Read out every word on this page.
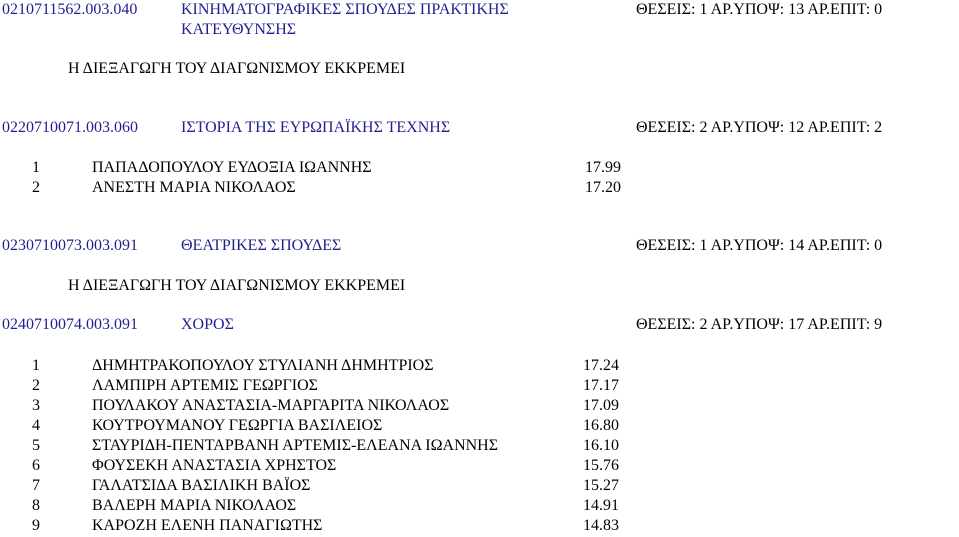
0210711562.003.040	ΚΙΝΗΜΑΤΟΓΡΑΦΙΚΕΣ ΣΠΟΥΔΕΣ ΠΡΑΚΤΙΚΗΣ
ΚΑΤΕΥΘΥΝΣΗΣ
ΘΕΣΕΙΣ: 1 ΑΡ.ΥΠΟΨ: 13 ΑΡ.ΕΠΙΤ: 0
Η ΔΙΕΞΑΓΩΓΗ ΤΟΥ ΔΙΑΓΩΝΙΣΜΟΥ ΕΚΚΡΕΜΕΙ
0220710071.003.060	ΙΣΤΟΡΙΑ ΤΗΣ ΕΥΡΩΠΑΪΚΗΣ ΤΕΧΝΗΣ	ΘΕΣΕΙΣ: 2 ΑΡ.ΥΠΟΨ: 12 ΑΡ.ΕΠΙΤ: 2
1	ΠΑΠΑΔΟΠΟΥΛΟΥ ΕΥΔΟΞΙΑ ΙΩΑΝΝΗΣ	17.99
2	ΑΝΕΣΤΗ ΜΑΡΙΑ ΝΙΚΟΛΑΟΣ	17.20
0230710073.003.091	ΘΕΑΤΡΙΚΕΣ ΣΠΟΥΔΕΣ	ΘΕΣΕΙΣ: 1 ΑΡ.ΥΠΟΨ: 14 ΑΡ.ΕΠΙΤ: 0
Η ΔΙΕΞΑΓΩΓΗ ΤΟΥ ΔΙΑΓΩΝΙΣΜΟΥ ΕΚΚΡΕΜΕΙ
0240710074.003.091	ΧΟΡΟΣ	ΘΕΣΕΙΣ: 2 ΑΡ.ΥΠΟΨ: 17 ΑΡ.ΕΠΙΤ: 9
1	ΔΗΜΗΤΡΑΚΟΠΟΥΛΟΥ ΣΤΥΛΙΑΝΗ ΔΗΜΗΤΡΙΟΣ	17.24
2	ΛΑΜΠΙΡΗ ΑΡΤΕΜΙΣ ΓΕΩΡΓΙΟΣ	17.17
3	ΠΟΥΛΑΚΟΥ ΑΝΑΣΤΑΣΙΑ-ΜΑΡΓΑΡΙΤΑ ΝΙΚΟΛΑΟΣ	17.09
4	ΚΟΥΤΡΟΥΜΑΝΟΥ ΓΕΩΡΓΙΑ ΒΑΣΙΛΕΙΟΣ	16.80
5	ΣΤΑΥΡΙΔΗ-ΠΕΝΤΑΡΒΑΝΗ ΑΡΤΕΜΙΣ-ΕΛΕΑΝΑ ΙΩΑΝΝΗΣ	16.10
6	ΦΟΥΣΕΚΗ ΑΝΑΣΤΑΣΙΑ ΧΡΗΣΤΟΣ	15.76
7	ΓΑΛΑΤΣΙΔΑ ΒΑΣΙΛΙΚΗ ΒΑΪΟΣ	15.27
8	ΒΑΛΕΡΗ ΜΑΡΙΑ ΝΙΚΟΛΑΟΣ	14.91
9	ΚΑΡΟΖΗ ΕΛΕΝΗ ΠΑΝΑΓΙΩΤΗΣ	14.83
